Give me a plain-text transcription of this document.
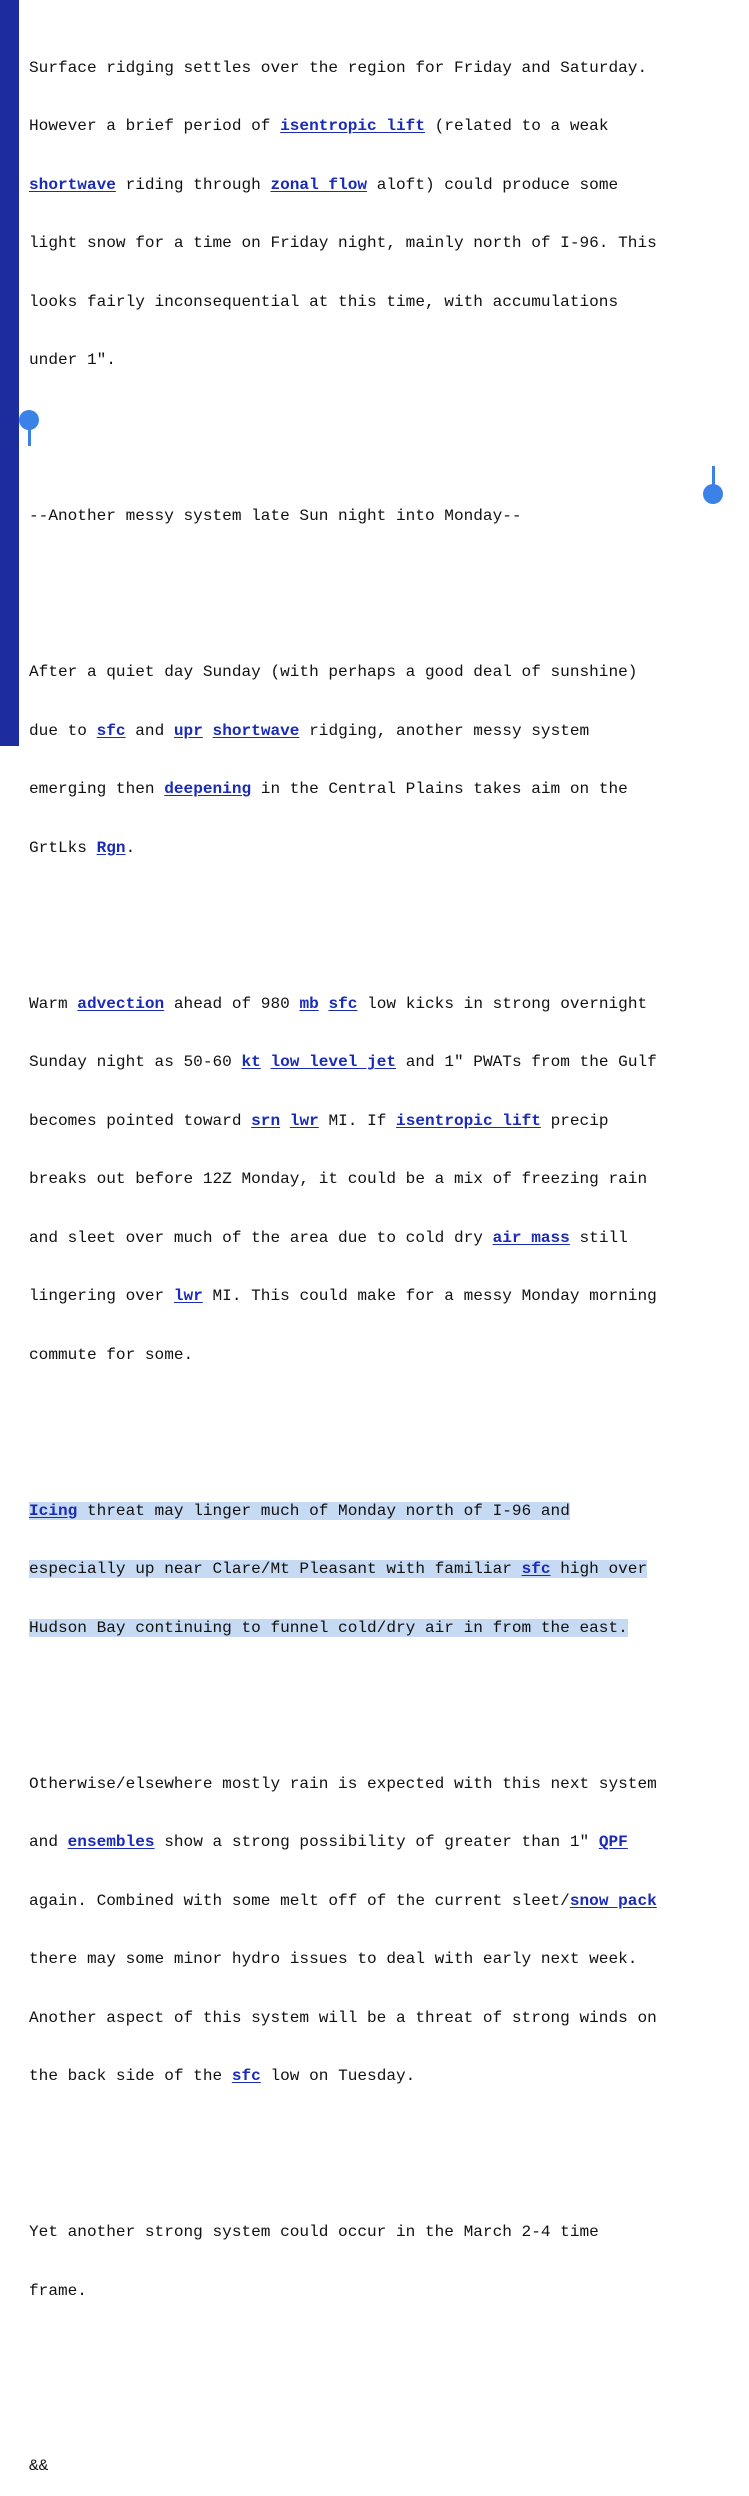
Surface ridging settles over the region for Friday and Saturday.

However a brief period of isentropic lift (related to a weak

shortwave riding through zonal flow aloft) could produce some

light snow for a time on Friday night, mainly north of I-96. This

looks fairly inconsequential at this time, with accumulations

under 1".

--Another messy system late Sun night into Monday--

After a quiet day Sunday (with perhaps a good deal of sunshine)

due to sfc and upr shortwave ridging, another messy system

emerging then deepening in the Central Plains takes aim on the

GrtLks Rgn.

Warm advection ahead of 980 mb sfc low kicks in strong overnight

Sunday night as 50-60 kt low level jet and 1" PWATs from the Gulf

becomes pointed toward srn lwr MI. If isentropic lift precip

breaks out before 12Z Monday, it could be a mix of freezing rain

and sleet over much of the area due to cold dry air mass still

lingering over lwr MI. This could make for a messy Monday morning

commute for some.

Icing threat may linger much of Monday north of I-96 and

especially up near Clare/Mt Pleasant with familiar sfc high over

Hudson Bay continuing to funnel cold/dry air in from the east.

Otherwise/elsewhere mostly rain is expected with this next system

and ensembles show a strong possibility of greater than 1" QPF

again. Combined with some melt off of the current sleet/snow pack

there may some minor hydro issues to deal with early next week.

Another aspect of this system will be a threat of strong winds on

the back side of the sfc low on Tuesday.

Yet another strong system could occur in the March 2-4 time

frame.

&&
